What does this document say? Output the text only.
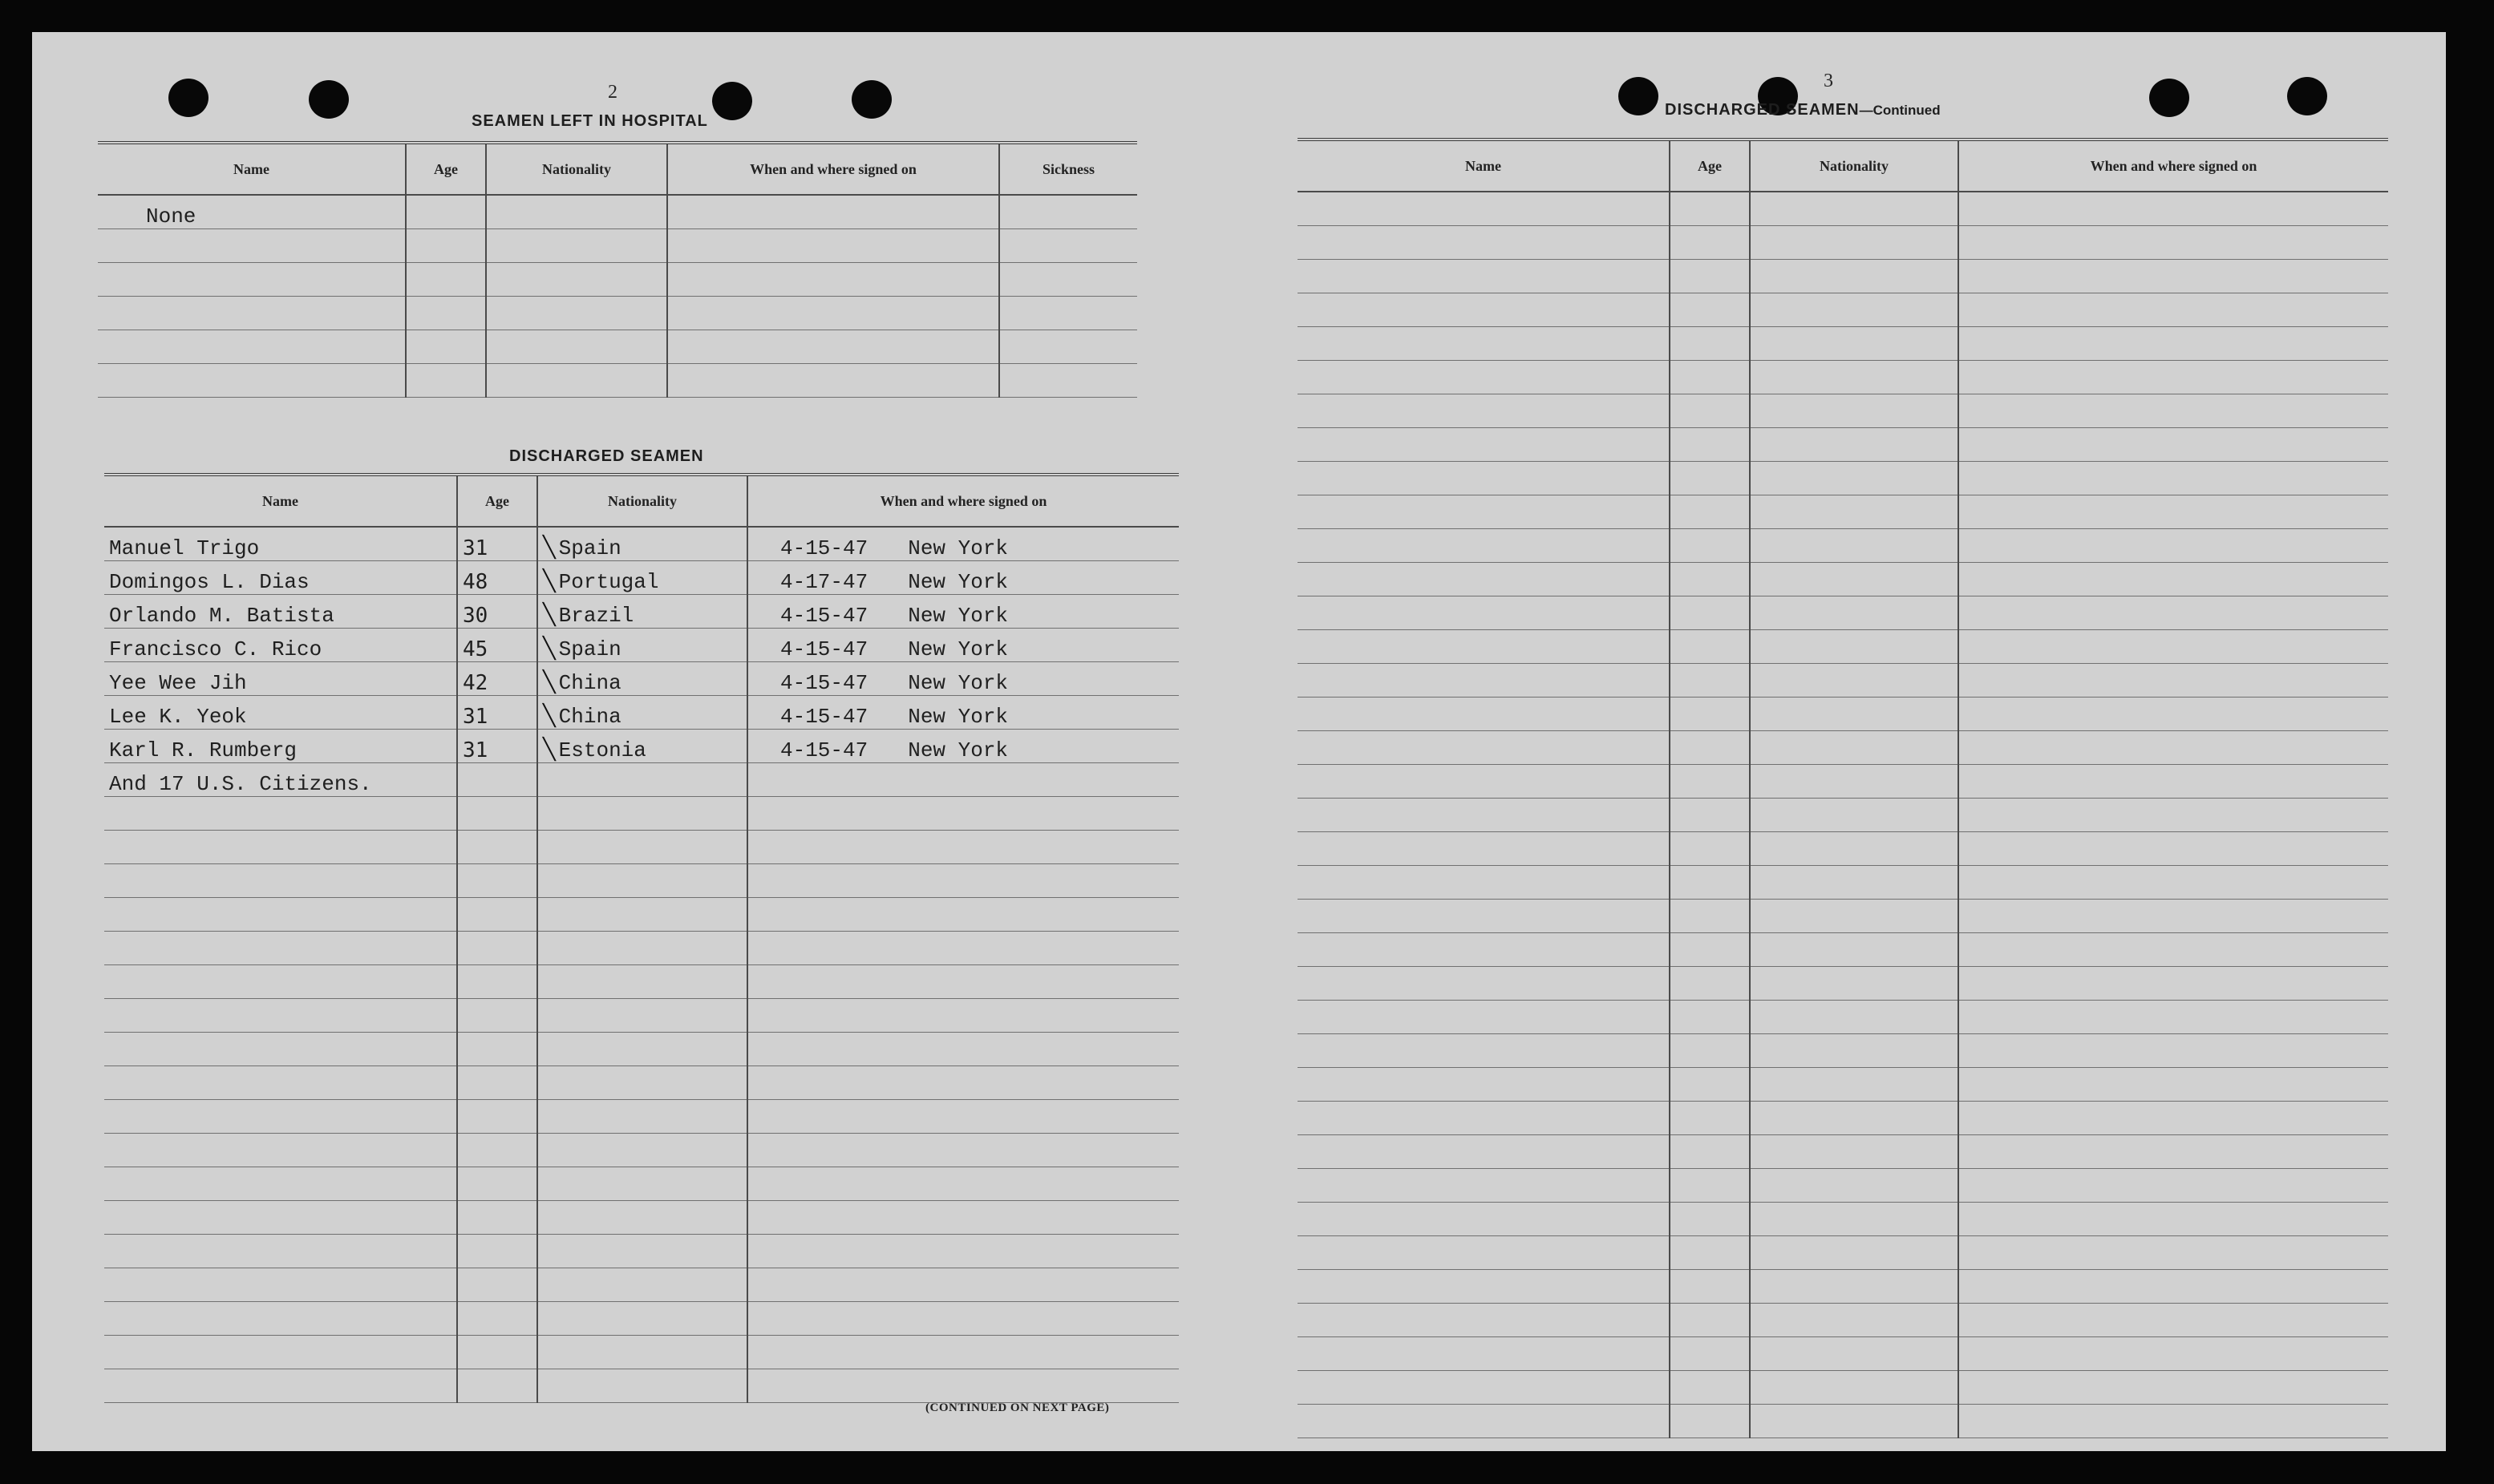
2
SEAMEN LEFT IN HOSPITAL
Name	Age	Nationality	When and where signed on	Sickness
None				

DISCHARGED SEAMEN
Name	Age	Nationality	When and where signed on
Manuel Trigo	31	╲ Spain	4-15-47 New York
Domingos L. Dias	48	╲ Portugal	4-17-47 New York
Orlando M. Batista	30	╲ Brazil	4-15-47 New York
Francisco C. Rico	45	╲ Spain	4-15-47 New York
Yee Wee Jih	42	╲ China	4-15-47 New York
Lee K. Yeok	31	╲ China	4-15-47 New York
Karl R. Rumberg	31	╲ Estonia	4-15-47 New York
And 17 U.S. Citizens.			

(CONTINUED ON NEXT PAGE)
3
DISCHARGED SEAMEN—Continued
Name	Age	Nationality	When and where signed on
